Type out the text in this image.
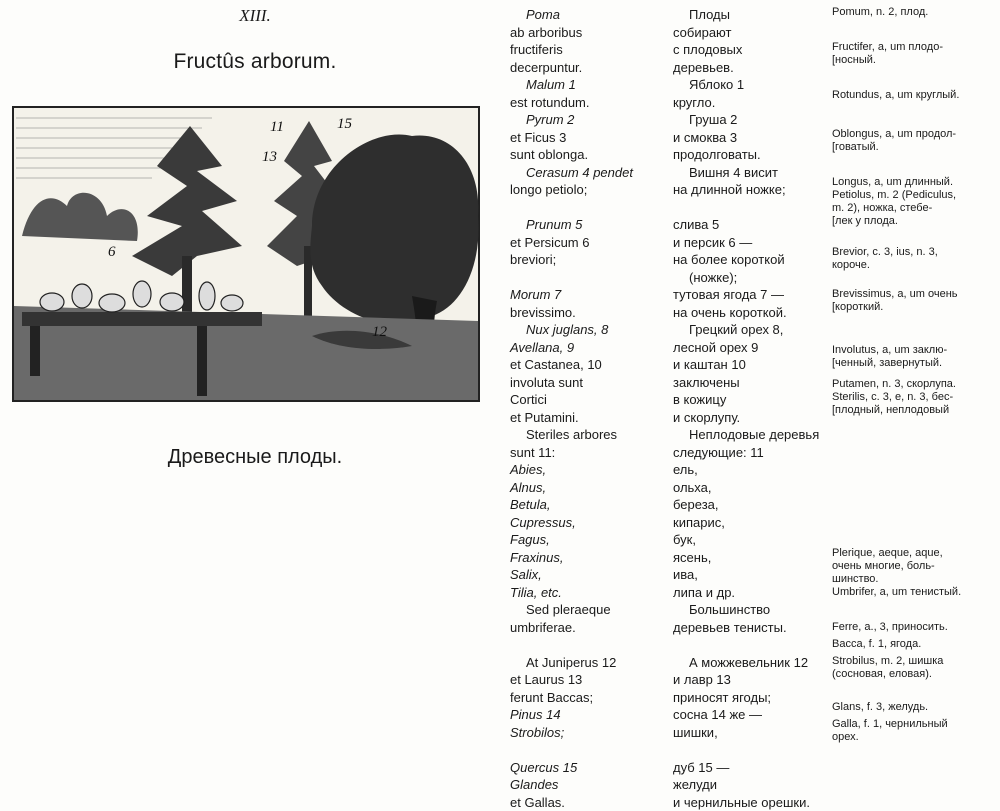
XIII.
Fructûs arborum.
6
11
12
13
15
Древесные плоды.
Poma
ab arboribus
fructiferis
decerpuntur.
Malum 1
est rotundum.
Pyrum 2
et Ficus 3
sunt oblonga.
Cerasum 4 pendet
longo petiolo;
Prunum 5
et Persicum 6
breviori;
Morum 7
brevissimo.
Nux juglans, 8
Avellana, 9
et Castanea, 10
involuta sunt
Cortici
et Putamini.
Steriles arbores
sunt 11:
Abies,
Alnus,
Betula,
Cupressus,
Fagus,
Fraxinus,
Salix,
Tilia, etc.
Sed pleraeque
umbriferae.
At Juniperus 12
et Laurus 13
ferunt Baccas;
Pinus 14
Strobilos;
Quercus 15
Glandes
et Gallas.
Плоды
собирают
с плодовых
деревьев.
Яблоко 1
кругло.
Груша 2
и смоква 3
продолговаты.
Вишня 4 висит
на длинной ножке;
слива 5
и персик 6 —
на более короткой
(ножке);
тутовая ягода 7 —
на очень короткой.
Грецкий орех 8,
лесной орех 9
и каштан 10
заключены
в кожицу
и скорлупу.
Неплодовые деревья
следующие: 11
ель,
ольха,
береза,
кипарис,
бук,
ясень,
ива,
липа и др.
Большинство
деревьев тенисты.
А можжевельник 12
и лавр 13
приносят ягоды;
сосна 14 же —
шишки,
дуб 15 —
желуди
и чернильные орешки.
Pomum, n. 2, плод.
Fructifer, a, um плодо-
[носный.
Rotundus, a, um круглый.
Oblongus, a, um продол-
[говатый.
Longus, a, um длинный.
Petiolus, m. 2 (Pediculus,
m. 2), ножка, стебе-
[лек у плода.
Brevior, c. 3, ius, n. 3,
короче.
Brevissimus, a, um очень
[короткий.
Involutus, a, um заклю-
[ченный, завернутый.
Putamen, n. 3, скорлупа.
Sterilis, c. 3, e, n. 3, бес-
[плодный, неплодовый
Plerique, aeque, aque,
очень многие, боль-
шинство.
Umbrifer, a, um тенистый.
Ferre, a., 3, приносить.
Bacca, f. 1, ягода.
Strobilus, m. 2, шишка
(сосновая, еловая).
Glans, f. 3, желудь.
Galla, f. 1, чернильный
орех.
